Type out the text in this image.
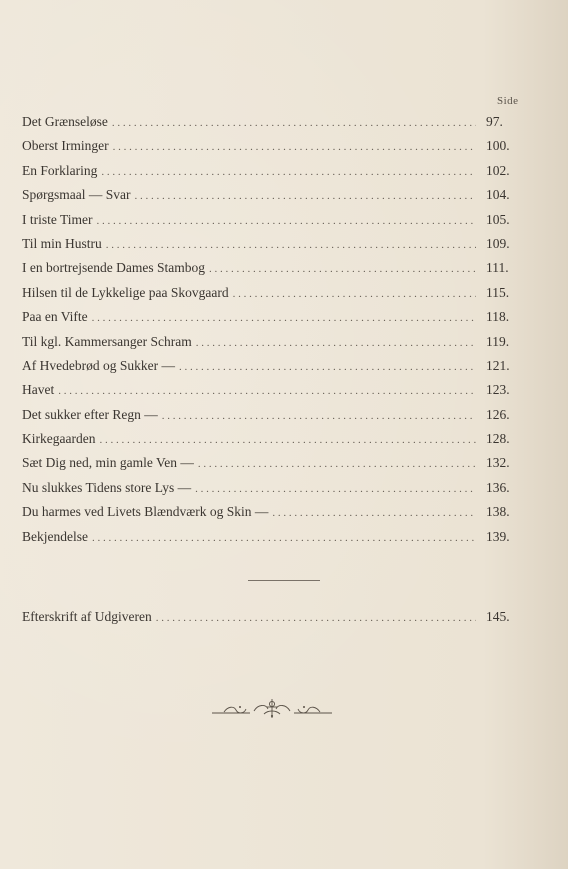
Side
Det Grænseløse . . .	97.
Oberst Irminger . . .	100.
En Forklaring . . .	102.
Spørgsmaal — Svar . . .	104.
I triste Timer . . .	105.
Til min Hustru . . .	109.
I en bortrejsende Dames Stambog . . .	111.
Hilsen til de Lykkelige paa Skovgaard . . .	115.
Paa en Vifte . . .	118.
Til kgl. Kammersanger Schram . . .	119.
Af Hvedebrød og Sukker — . . .	121.
Havet . . .	123.
Det sukker efter Regn — . . .	126.
Kirkegaarden . . .	128.
Sæt Dig ned, min gamle Ven — . . .	132.
Nu slukkes Tidens store Lys — . . .	136.
Du harmes ved Livets Blændværk og Skin — . . .	138.
Bekjendelse . . .	139.
Efterskrift af Udgiveren . . .	145.
